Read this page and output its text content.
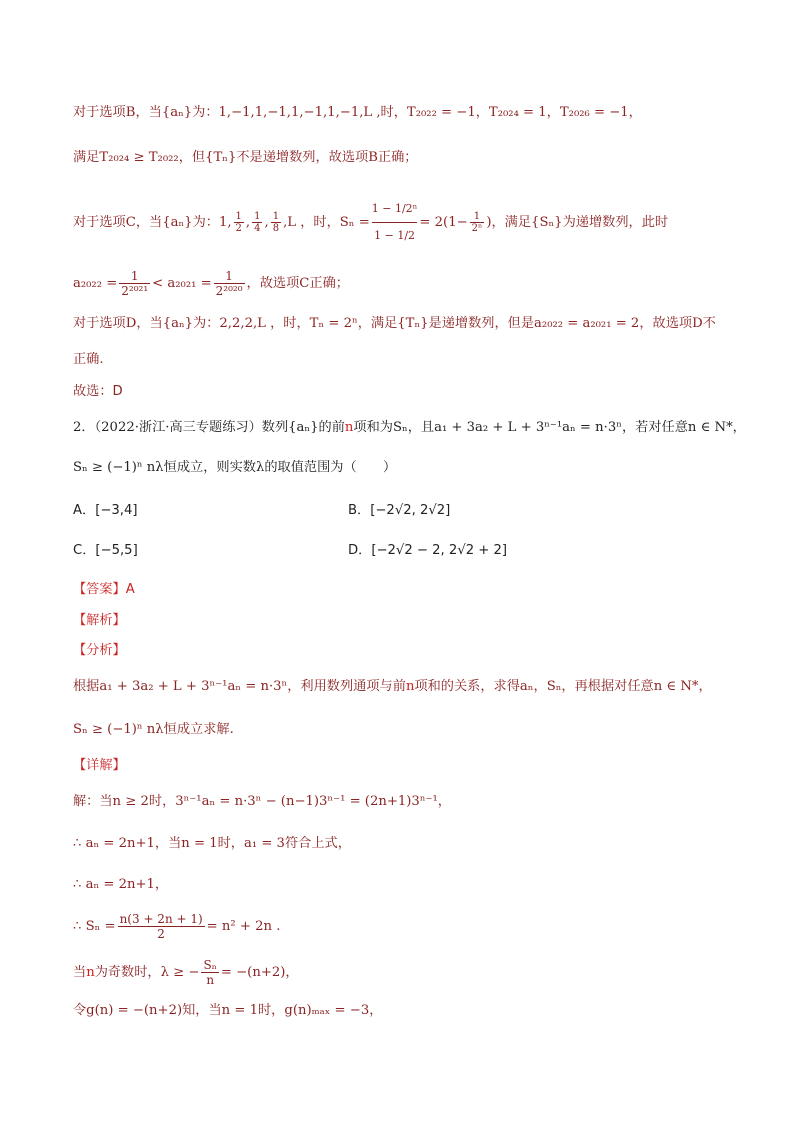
对于选项B，当{aₙ}为：1,−1,1,−1,1,−1,1,−1,L ,时，T₂₀₂₂ = −1，T₂₀₂₄ = 1，T₂₀₂₆ = −1，
满足T₂₀₂₄ ≥ T₂₀₂₂，但{Tₙ}不是递增数列，故选项B正确；
对于选项C，当{aₙ}为：1, $\frac{1}{2}$ , $\frac{1}{4}$ , $\frac{1}{8} ,L$ ，时，$S_n = \frac{\text{1 − 1/2ⁿ}}{1 - 1/2} = 2(1- \frac{1}{\text{2ⁿ}}$ )，满足{Sₙ}为递增数列，此时
$a_{2022} = \frac{1}{\text{2²⁰²¹}} < a_{2021} = \frac{1}{\text{2²⁰²⁰}}$ ，故选项C正确；
对于选项D，当{aₙ}为：2,2,2,L ，时，Tₙ = 2ⁿ，满足{Tₙ}是递增数列，但是a₂₀₂₂ = a₂₀₂₁ = 2，故选项D不
正确.
故选：D
2．（2022·浙江·高三专题练习）数列{aₙ}的前n项和为Sₙ，且a₁ + 3a₂ + L + 3ⁿ⁻¹aₙ = n·3ⁿ，若对任意n ∈ N*，
Sₙ ≥ (−1)ⁿ nλ恒成立，则实数λ的取值范围为（　　）
A．[−3,4]	B．[−2√2, 2√2]
C．[−5,5]	D．[−2√2 − 2, 2√2 + 2]
【答案】A
【解析】
【分析】
根据a₁ + 3a₂ + L + 3ⁿ⁻¹aₙ = n·3ⁿ，利用数列通项与前n项和的关系，求得aₙ，Sₙ，再根据对任意n ∈ N*，
Sₙ ≥ (−1)ⁿ nλ恒成立求解.
【详解】
解：当n ≥ 2时，3ⁿ⁻¹aₙ = n·3ⁿ − (n−1)3ⁿ⁻¹ = (2n+1)3ⁿ⁻¹，
∴ aₙ = 2n+1，当n = 1时，a₁ = 3符合上式，
∴ aₙ = 2n+1，
∴ $S_n = \frac{n(3 + 2n + 1)}{2} = n^2 + 2n$ .
当n为奇数时，λ ≥ − $\frac{\text{Sₙ}}{n} = -(n+2)$，
令g(n) = −(n+2)知，当n = 1时，g(n)ₘₐₓ = −3，
